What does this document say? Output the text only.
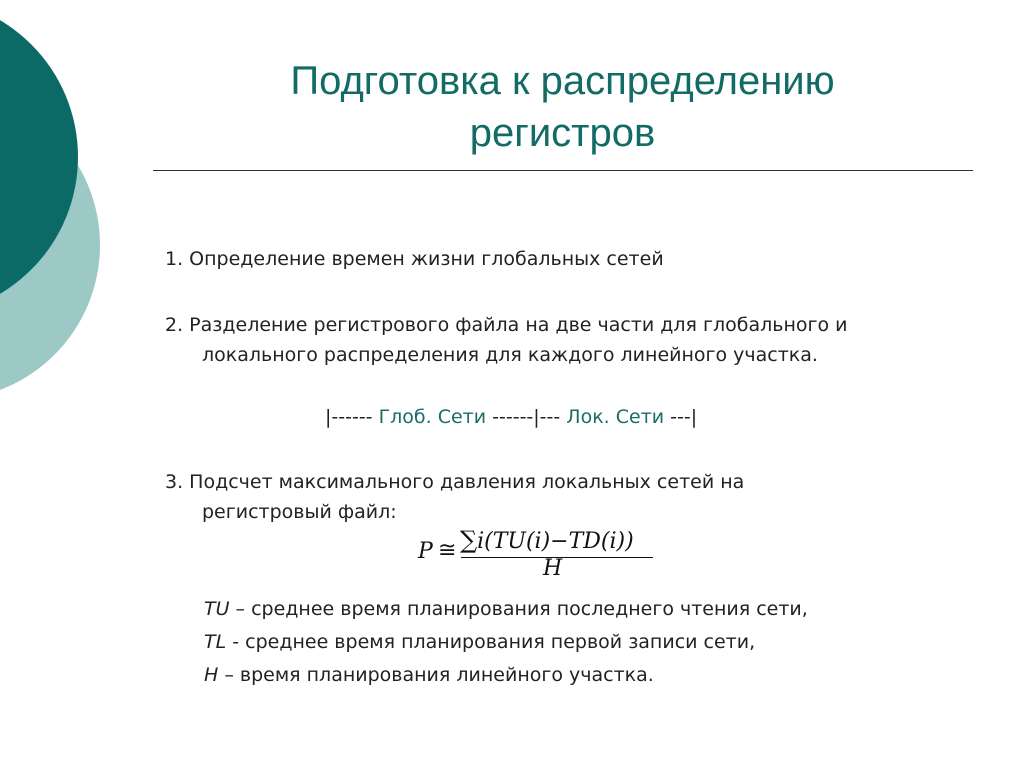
Подготовка к распределению
регистров
1. Определение времен жизни глобальных сетей
2. Разделение регистрового файла на две части для глобального и
локального распределения для каждого линейного участка.
|------ Глоб. Сети ------|--- Лок. Сети ---|
3. Подсчет максимального давления локальных сетей на
регистровый файл:
P ≅ ∑i(TU(i)−TD(i))
H
TU – среднее время планирования последнего чтения сети,
TL - среднее время планирования первой записи сети,
H – время планирования линейного участка.
